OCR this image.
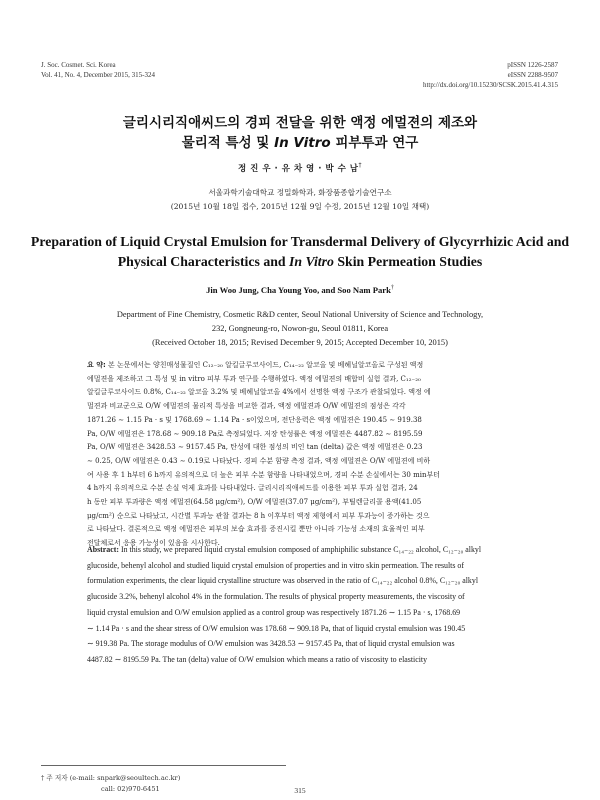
J. Soc. Cosmet. Sci. Korea
Vol. 41, No. 4, December 2015, 315-324
pISSN 1226-2587
eISSN 2288-9507
http://dx.doi.org/10.15230/SCSK.2015.41.4.315
글리시리직애씨드의 경피 전달을 위한 액정 에멀젼의 제조와
물리적 특성 및 In Vitro 피부투과 연구
정 진 우 · 유 차 영 · 박 수 남†
서울과학기술대학교 정밀화학과, 화장품종합기술연구소
(2015년 10월 18일 접수, 2015년 12월 9일 수정, 2015년 12월 10일 채택)
Preparation of Liquid Crystal Emulsion for Transdermal Delivery of Glycyrrhizic Acid and
Physical Characteristics and In Vitro Skin Permeation Studies
Jin Woo Jung, Cha Young Yoo, and Soo Nam Park†
Department of Fine Chemistry, Cosmetic R&D center, Seoul National University of Science and Technology,
232, Gongneung-ro, Nowon-gu, Seoul 01811, Korea
(Received October 18, 2015; Revised December 9, 2015; Accepted December 10, 2015)
요 약: 본 논문에서는 양친매성물질인 C₁₂₋₂₀ 알킬글루코사이드, C₁₄₋₂₂ 알코올 및 베헤닐알코올로 구성된 액정
에멀젼을 제조하고 그 특성 및 in vitro 피부 투과 연구를 수행하였다. 액정 에멀젼의 배합비 실험 결과, C₁₂₋₂₀
알킬글루코사이드 0.8%, C₁₄₋₂₂ 알코올 3.2% 및 베헤닐알코올 4%에서 선명한 액정 구조가 관찰되었다. 액정 에
멀젼과 비교군으로 O/W 에멀젼의 물리적 특성을 비교한 결과, 액정 에멀젼과 O/W 에멀젼의 점성은 각각
1871.26 ∼ 1.15 Pa · s 및 1768.69 ∼ 1.14 Pa · s이었으며, 전단응력은 액정 에멀젼은 190.45 ∼ 919.38
Pa, O/W 에멀젼은 178.68 ∼ 909.18 Pa로 측정되었다. 저장 탄성률은 액정 에멀젼은 4487.82 ∼ 8195.59
Pa, O/W 에멀젼은 3428.53 ∼ 9157.45 Pa, 탄성에 대한 점성의 비인 tan (delta) 값은 액정 에멀젼은 0.23
∼ 0.25, O/W 에멀젼은 0.43 ∼ 0.19로 나타났다. 경피 수분 함량 측정 결과, 액정 에멀젼은 O/W 에멀젼에 비하
여 사용 후 1 h부터 6 h까지 유의적으로 더 높은 피부 수분 함량을 나타내었으며, 경피 수분 손실에서는 30 min부터
4 h까지 유의적으로 수분 손실 억제 효과를 나타내었다. 글리시리직애씨드를 이용한 피부 투과 실험 결과, 24
h 동안 피부 투과량은 액정 에멀젼(64.58 μg/cm²), O/W 에멀젼(37.07 μg/cm²), 부틸렌글리콜 용액(41.05
μg/cm²) 순으로 나타났고, 시간별 투과능 관찰 결과는 8 h 이후부터 액정 제형에서 피부 투과능이 증가하는 것으
로 나타났다. 결론적으로 액정 에멀젼은 피부의 보습 효과를 증진시킬 뿐만 아니라 기능성 소재의 효율적인 피부
전달체로서 응용 가능성이 있음을 시사한다.
Abstract: In this study, we prepared liquid crystal emulsion composed of amphiphilic substance C₁₄₋₂₂ alcohol, C₁₂₋₂₀ alkyl
glucoside, behenyl alcohol and studied liquid crystal emulsion of properties and in vitro skin permeation. The results of
formulation experiments, the clear liquid crystalline structure was observed in the ratio of C₁₄₋₂₂ alcohol 0.8%, C₁₂₋₂₀ alkyl
glucoside 3.2%, behenyl alcohol 4% in the formulation. The results of physical property measurements, the viscosity of
liquid crystal emulsion and O/W emulsion applied as a control group was respectively 1871.26 ∼ 1.15 Pa · s, 1768.69
∼ 1.14 Pa · s and the shear stress of O/W emulsion was 178.68 ∼ 909.18 Pa, that of liquid crystal emulsion was 190.45
∼ 919.38 Pa. The storage modulus of O/W emulsion was 3428.53 ∼ 9157.45 Pa, that of liquid crystal emulsion was
4487.82 ∼ 8195.59 Pa. The tan (delta) value of O/W emulsion which means a ratio of viscosity to elasticity
† 주 저자 (e-mail: snpark@seoultech.ac.kr)
call: 02)970-6451	315
